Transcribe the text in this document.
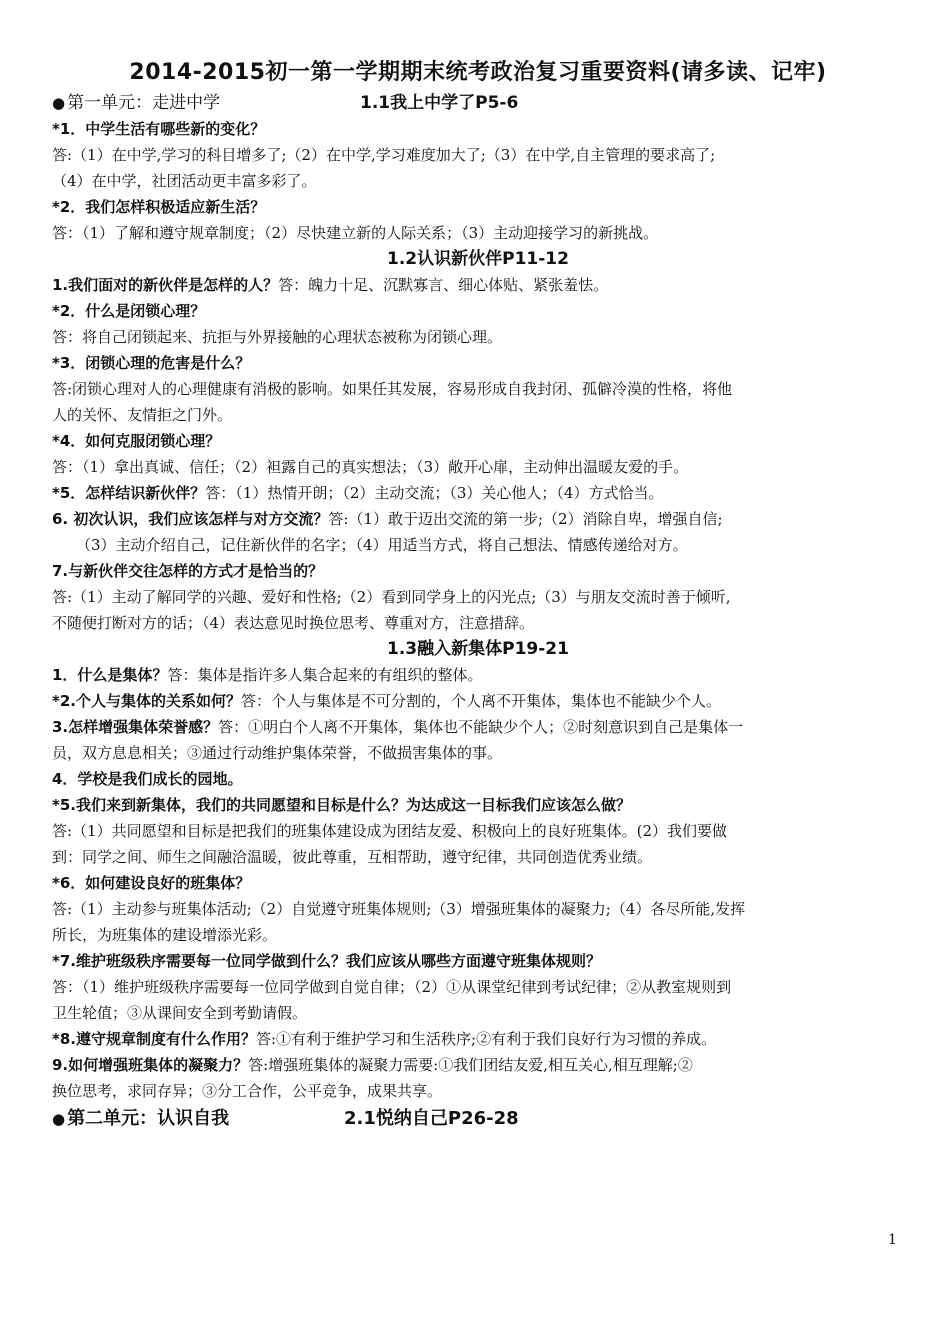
2014-2015初一第一学期期末统考政治复习重要资料(请多读、记牢)
● 第一单元：走进中学	1.1我上中学了P5-6
*1．中学生活有哪些新的变化？
答:（1）在中学,学习的科目增多了;（2）在中学,学习难度加大了;（3）在中学,自主管理的要求高了;
（4）在中学，社团活动更丰富多彩了。
*2．我们怎样积极适应新生活？
答：（1）了解和遵守规章制度；（2）尽快建立新的人际关系；（3）主动迎接学习的新挑战。
1.2认识新伙伴P11-12
1.我们面对的新伙伴是怎样的人？答：魄力十足、沉默寡言、细心体贴、紧张羞怯。
*2．什么是闭锁心理？
答：将自己闭锁起来、抗拒与外界接触的心理状态被称为闭锁心理。
*3．闭锁心理的危害是什么？
答:闭锁心理对人的心理健康有消极的影响。如果任其发展，容易形成自我封闭、孤僻冷漠的性格，将他
人的关怀、友情拒之门外。
*4．如何克服闭锁心理？
答：（1）拿出真诚、信任；（2）袒露自己的真实想法；（3）敞开心扉，主动伸出温暖友爱的手。
*5．怎样结识新伙伴？答：（1）热情开朗；（2）主动交流；（3）关心他人；（4）方式恰当。
6. 初次认识，我们应该怎样与对方交流？答:（1）敢于迈出交流的第一步;（2）消除自卑，增强自信;
（3）主动介绍自己，记住新伙伴的名字；（4）用适当方式，将自己想法、情感传递给对方。
7.与新伙伴交往怎样的方式才是恰当的？
答:（1）主动了解同学的兴趣、爱好和性格;（2）看到同学身上的闪光点;（3）与朋友交流时善于倾听,
不随便打断对方的话；（4）表达意见时换位思考、尊重对方，注意措辞。
1.3融入新集体P19-21
1．什么是集体？答：集体是指许多人集合起来的有组织的整体。
*2.个人与集体的关系如何？答：个人与集体是不可分割的，个人离不开集体，集体也不能缺少个人。
3.怎样增强集体荣誉感？答：①明白个人离不开集体，集体也不能缺少个人；②时刻意识到自己是集体一
员，双方息息相关；③通过行动维护集体荣誉，不做损害集体的事。
4．学校是我们成长的园地。
*5.我们来到新集体，我们的共同愿望和目标是什么？为达成这一目标我们应该怎么做？
答:（1）共同愿望和目标是把我们的班集体建设成为团结友爱、积极向上的良好班集体。(2）我们要做
到：同学之间、师生之间融洽温暖，彼此尊重，互相帮助，遵守纪律，共同创造优秀业绩。
*6．如何建设良好的班集体？
答:（1）主动参与班集体活动;（2）自觉遵守班集体规则;（3）增强班集体的凝聚力;（4）各尽所能,发挥
所长，为班集体的建设增添光彩。
*7.维护班级秩序需要每一位同学做到什么？我们应该从哪些方面遵守班集体规则？
答：（1）维护班级秩序需要每一位同学做到自觉自律；（2）①从课堂纪律到考试纪律；②从教室规则到
卫生轮值；③从课间安全到考勤请假。
*8.遵守规章制度有什么作用？答:①有利于维护学习和生活秩序;②有利于我们良好行为习惯的养成。
9.如何增强班集体的凝聚力？答:增强班集体的凝聚力需要:①我们团结友爱,相互关心,相互理解;②
换位思考，求同存异；③分工合作，公平竞争，成果共享。
● 第二单元：认识自我	2.1悦纳自己P26-28
1
